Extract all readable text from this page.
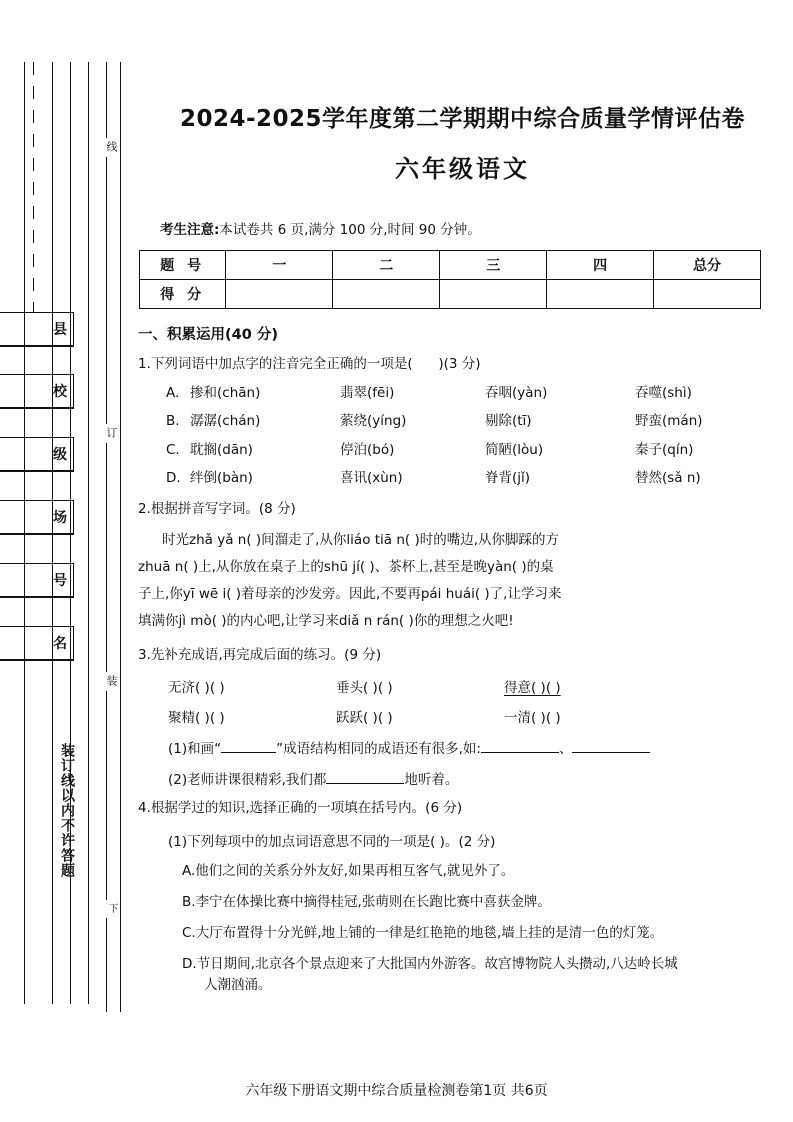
线
订
装
下
县
校
级
场
号
名
装订线以内不许答题
2024-2025学年度第二学期期中综合质量学情评估卷
六年级语文
考生注意:本试卷共 6 页,满分 100 分,时间 90 分钟。
题 号	一	二	三	四	总分
得 分					
一、积累运用(40 分)
1.下列词语中加点字的注音完全正确的一项是(      )(3 分)
A. 掺和(chān)	翡翠(fēi)	吞咽(yàn)	吞噬(shì)
B. 潺潺(chán)	萦绕(yíng)	剔除(tī)	野蛮(mán)
C. 耽搁(dān)	停泊(bó)	简陋(lòu)	秦子(qín)
D. 绊倒(bàn)	喜讯(xùn)	脊背(jǐ)	替然(sǎ n)
2.根据拼音写字词。(8 分)
时光zhǎ yǎ n( )间溜走了,从你liáo tiā n( )时的嘴边,从你脚踩的方
zhuā n( )上,从你放在桌子上的shū jí( )、茶杯上,甚至是晚yàn( )的桌
子上,你yī wē i( )着母亲的沙发旁。因此,不要再pái huái( )了,让学习来
填满你jì mò( )的内心吧,让学习来diǎ n rán( )你的理想之火吧!
3.先补充成语,再完成后面的练习。(9 分)
无济( )( )	垂头( )( )	得意( )( )
聚精( )( )	跃跃( )( )	一清( )( )
(1)和画“	”成语结构相同的成语还有很多,如:	、
(2)老师讲课很精彩,我们都	地听着。
4.根据学过的知识,选择正确的一项填在括号内。(6 分)
(1)下列每项中的加点词语意思不同的一项是( )。(2 分)
A.他们之间的关系分外友好,如果再相互客气,就见外了。
B.李宁在体操比赛中摘得桂冠,张萌则在长跑比赛中喜获金牌。
C.大厅布置得十分光鲜,地上铺的一律是红艳艳的地毯,墙上挂的是清一色的灯笼。
D.节日期间,北京各个景点迎来了大批国内外游客。故宫博物院人头攒动,八达岭长城
人潮汹涌。
六年级下册语文期中综合质量检测卷第1页 共6页
